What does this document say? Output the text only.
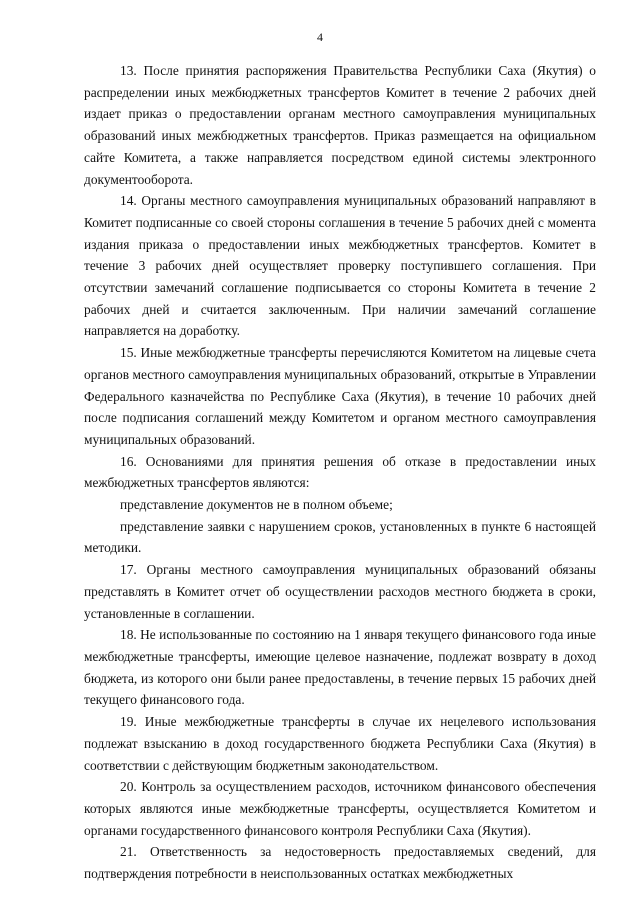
4

13. После принятия распоряжения Правительства Республики Саха (Якутия) о распределении иных межбюджетных трансфертов Комитет в течение 2 рабочих дней издает приказ о предоставлении органам местного самоуправления муниципальных образований иных межбюджетных трансфертов. Приказ размещается на официальном сайте Комитета, а также направляется посредством единой системы электронного документооборота.

14. Органы местного самоуправления муниципальных образований направляют в Комитет подписанные со своей стороны соглашения в течение 5 рабочих дней с момента издания приказа о предоставлении иных межбюджетных трансфертов. Комитет в течение 3 рабочих дней осуществляет проверку поступившего соглашения. При отсутствии замечаний соглашение подписывается со стороны Комитета в течение 2 рабочих дней и считается заключенным. При наличии замечаний соглашение направляется на доработку.

15. Иные межбюджетные трансферты перечисляются Комитетом на лицевые счета органов местного самоуправления муниципальных образований, открытые в Управлении Федерального казначейства по Республике Саха (Якутия), в течение 10 рабочих дней после подписания соглашений между Комитетом и органом местного самоуправления муниципальных образований.

16. Основаниями для принятия решения об отказе в предоставлении иных межбюджетных трансфертов являются:

представление документов не в полном объеме;

представление заявки с нарушением сроков, установленных в пункте 6 настоящей методики.

17. Органы местного самоуправления муниципальных образований обязаны представлять в Комитет отчет об осуществлении расходов местного бюджета в сроки, установленные в соглашении.

18. Не использованные по состоянию на 1 января текущего финансового года иные межбюджетные трансферты, имеющие целевое назначение, подлежат возврату в доход бюджета, из которого они были ранее предоставлены, в течение первых 15 рабочих дней текущего финансового года.

19. Иные межбюджетные трансферты в случае их нецелевого использования подлежат взысканию в доход государственного бюджета Республики Саха (Якутия) в соответствии с действующим бюджетным законодательством.

20. Контроль за осуществлением расходов, источником финансового обеспечения которых являются иные межбюджетные трансферты, осуществляется Комитетом и органами государственного финансового контроля Республики Саха (Якутия).

21. Ответственность за недостоверность предоставляемых сведений, для подтверждения потребности в неиспользованных остатках межбюджетных
